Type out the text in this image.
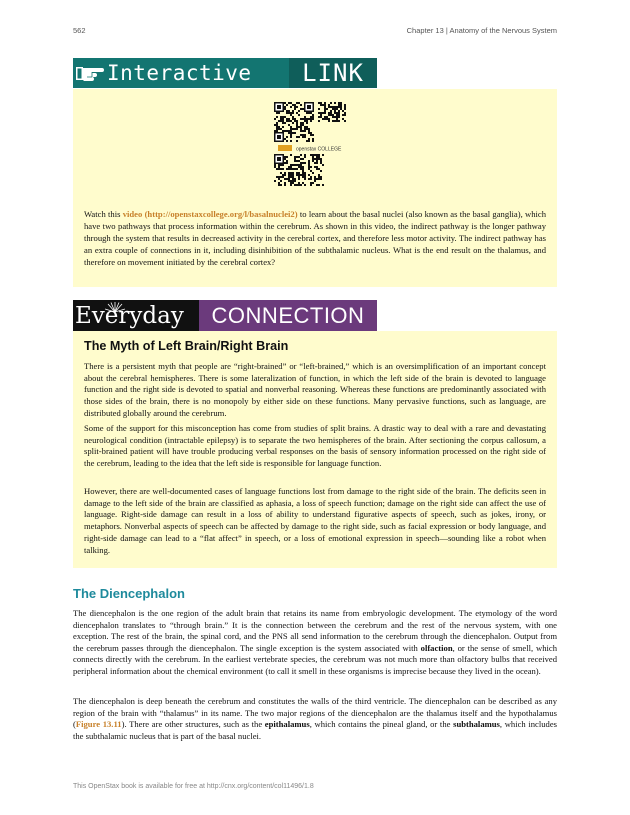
562	Chapter 13 | Anatomy of the Nervous System
Interactive LINK
openstax COLLEGE

Watch this video (http://openstaxcollege.org/l/basalnuclei2) to learn about the basal nuclei (also known as the basal ganglia), which have two pathways that process information within the cerebrum. As shown in this video, the indirect pathway is the longer pathway through the system that results in decreased activity in the cerebral cortex, and therefore less motor activity. The indirect pathway has an extra couple of connections in it, including disinhibition of the subthalamic nucleus. What is the end result on the thalamus, and therefore on movement initiated by the cerebral cortex?

Everyday CONNECTION
The Myth of Left Brain/Right Brain

There is a persistent myth that people are “right-brained” or “left-brained,” which is an oversimplification of an important concept about the cerebral hemispheres. There is some lateralization of function, in which the left side of the brain is devoted to language function and the right side is devoted to spatial and nonverbal reasoning. Whereas these functions are predominantly associated with those sides of the brain, there is no monopoly by either side on these functions. Many pervasive functions, such as language, are distributed globally around the cerebrum.

Some of the support for this misconception has come from studies of split brains. A drastic way to deal with a rare and devastating neurological condition (intractable epilepsy) is to separate the two hemispheres of the brain. After sectioning the corpus callosum, a split-brained patient will have trouble producing verbal responses on the basis of sensory information processed on the right side of the cerebrum, leading to the idea that the left side is responsible for language function.

However, there are well-documented cases of language functions lost from damage to the right side of the brain. The deficits seen in damage to the left side of the brain are classified as aphasia, a loss of speech function; damage on the right side can affect the use of language. Right-side damage can result in a loss of ability to understand figurative aspects of speech, such as jokes, irony, or metaphors. Nonverbal aspects of speech can be affected by damage to the right side, such as facial expression or body language, and right-side damage can lead to a “flat affect” in speech, or a loss of emotional expression in speech—sounding like a robot when talking.

The Diencephalon

The diencephalon is the one region of the adult brain that retains its name from embryologic development. The etymology of the word diencephalon translates to “through brain.” It is the connection between the cerebrum and the rest of the nervous system, with one exception. The rest of the brain, the spinal cord, and the PNS all send information to the cerebrum through the diencephalon. Output from the cerebrum passes through the diencephalon. The single exception is the system associated with olfaction, or the sense of smell, which connects directly with the cerebrum. In the earliest vertebrate species, the cerebrum was not much more than olfactory bulbs that received peripheral information about the chemical environment (to call it smell in these organisms is imprecise because they lived in the ocean).

The diencephalon is deep beneath the cerebrum and constitutes the walls of the third ventricle. The diencephalon can be described as any region of the brain with “thalamus” in its name. The two major regions of the diencephalon are the thalamus itself and the hypothalamus (Figure 13.11). There are other structures, such as the epithalamus, which contains the pineal gland, or the subthalamus, which includes the subthalamic nucleus that is part of the basal nuclei.

This OpenStax book is available for free at http://cnx.org/content/col11496/1.8
